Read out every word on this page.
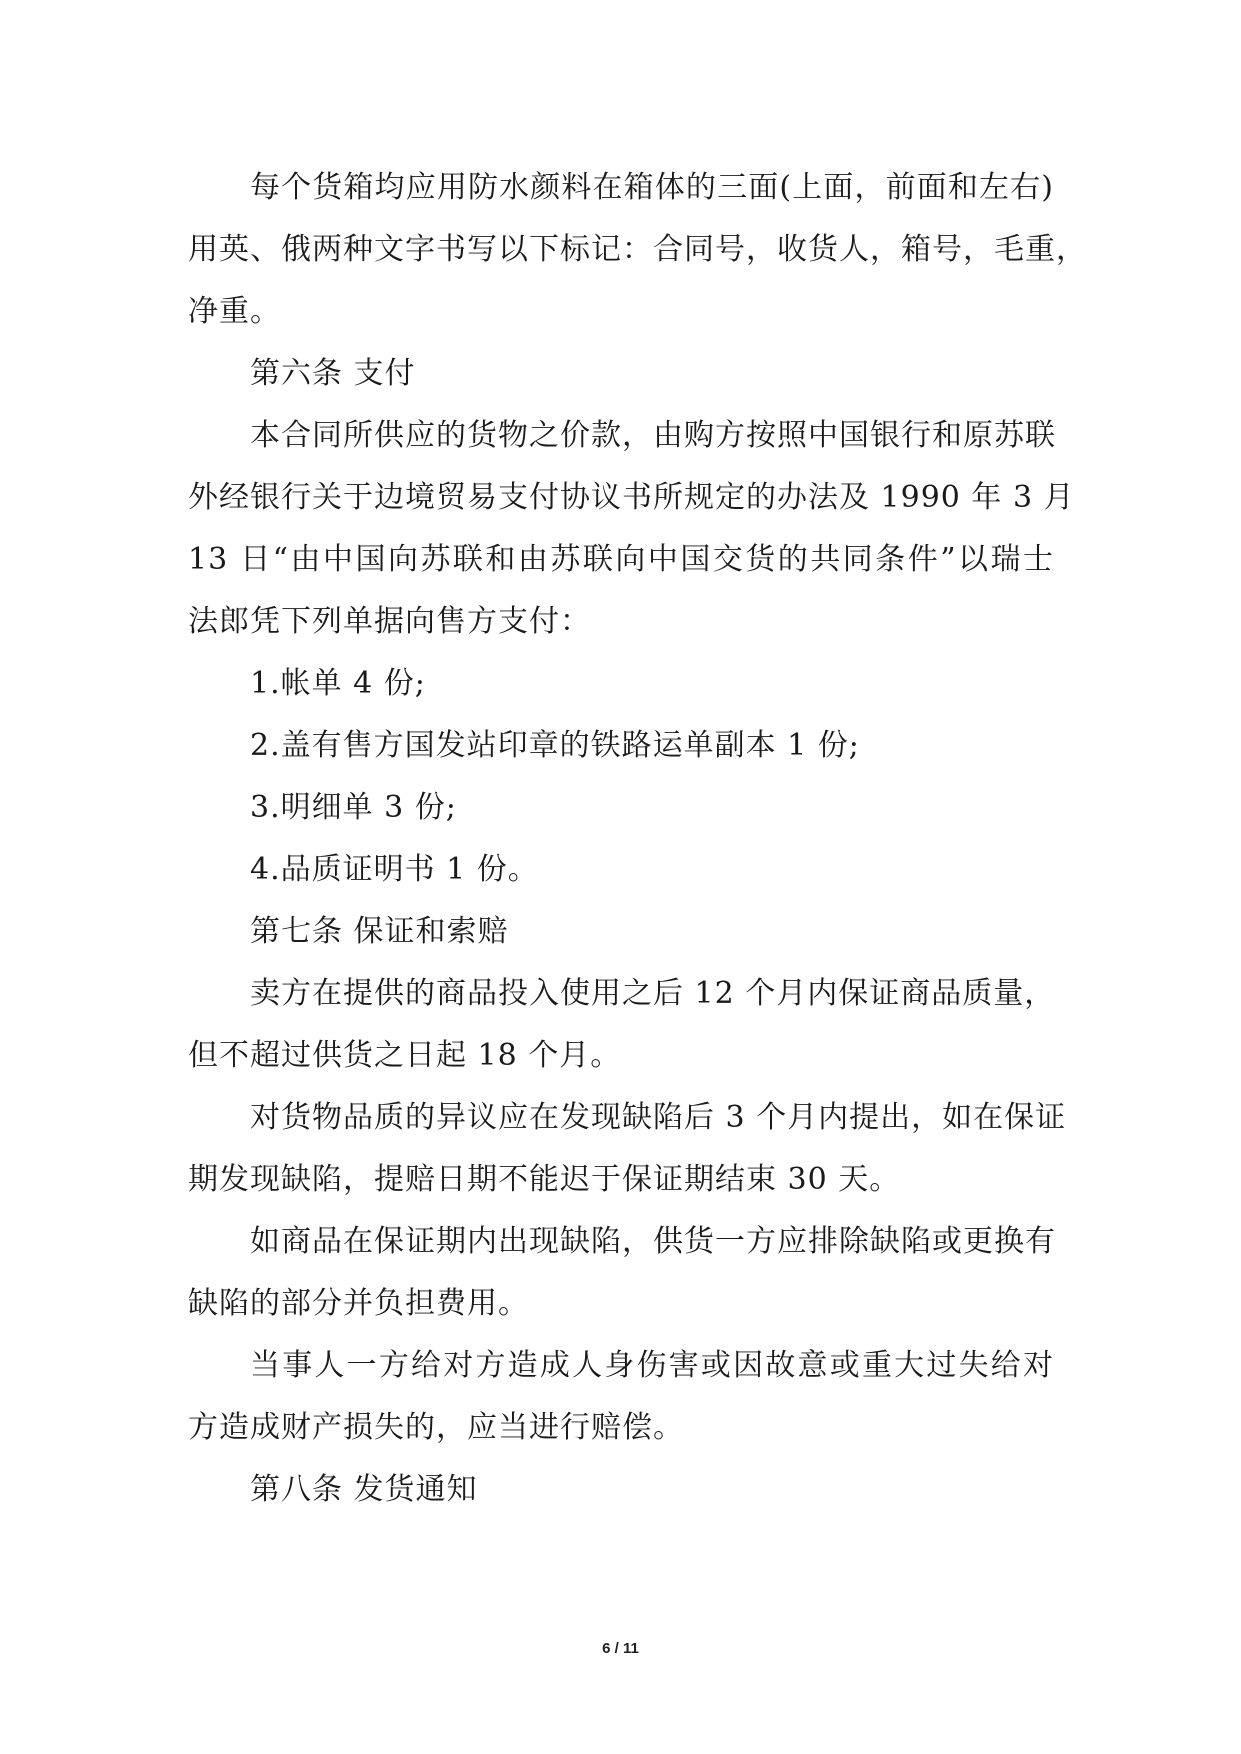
每个货箱均应用防水颜料在箱体的三面(上面，前面和左右)
用英、俄两种文字书写以下标记：合同号，收货人，箱号，毛重，
净重。
第六条 支付
本合同所供应的货物之价款，由购方按照中国银行和原苏联
外经银行关于边境贸易支付协议书所规定的办法及 1990 年 3 月
13 日“由中国向苏联和由苏联向中国交货的共同条件”以瑞士
法郎凭下列单据向售方支付：
1.帐单 4 份;
2.盖有售方国发站印章的铁路运单副本 1 份;
3.明细单 3 份;
4.品质证明书 1 份。
第七条 保证和索赔
卖方在提供的商品投入使用之后 12 个月内保证商品质量，
但不超过供货之日起 18 个月。
对货物品质的异议应在发现缺陷后 3 个月内提出，如在保证
期发现缺陷，提赔日期不能迟于保证期结束 30 天。
如商品在保证期内出现缺陷，供货一方应排除缺陷或更换有
缺陷的部分并负担费用。
当事人一方给对方造成人身伤害或因故意或重大过失给对
方造成财产损失的，应当进行赔偿。
第八条 发货通知
6 / 11
